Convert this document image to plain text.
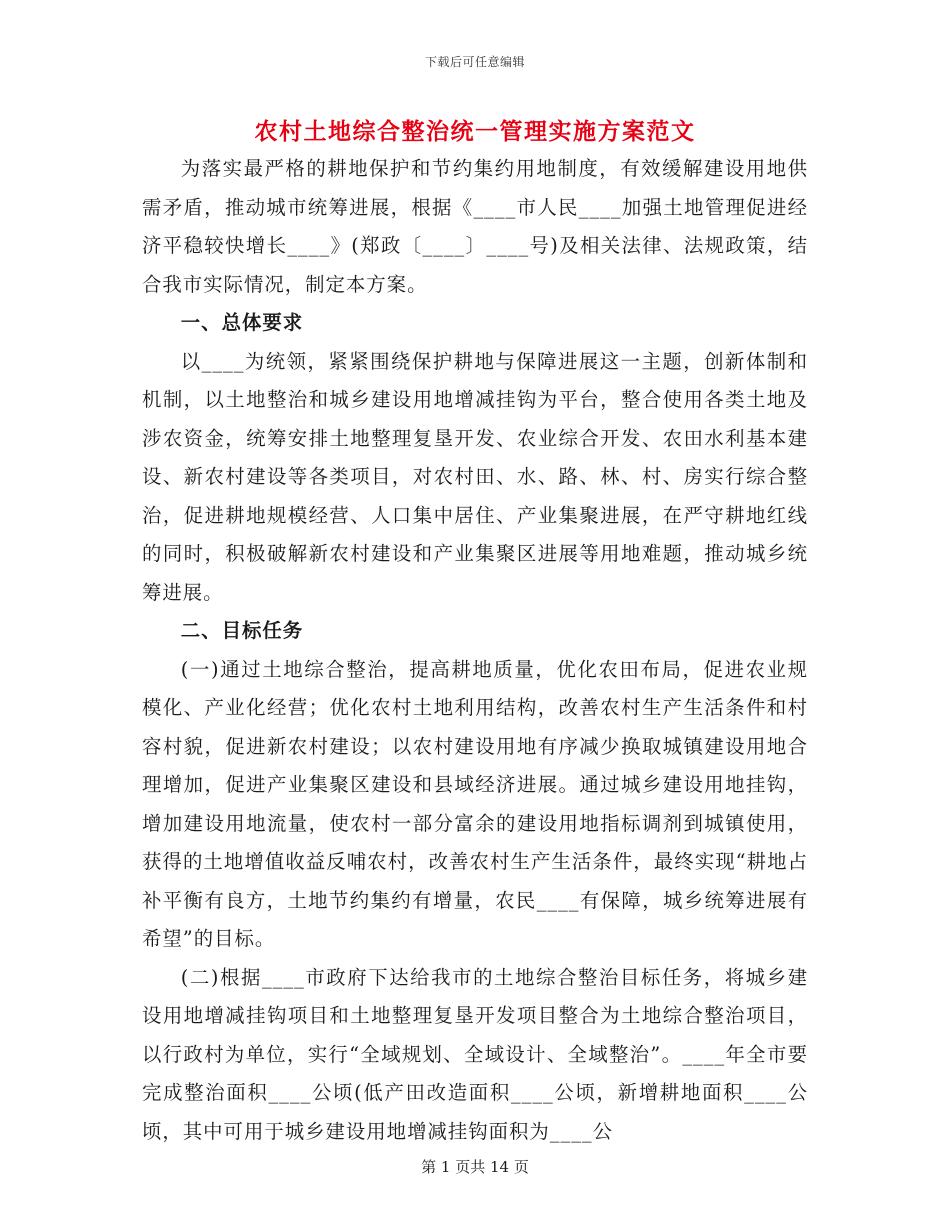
下载后可任意编辑
农村土地综合整治统一管理实施方案范文

为落实最严格的耕地保护和节约集约用地制度，有效缓解建设用地供需矛盾，推动城市统筹进展，根据《____市人民____加强土地管理促进经济平稳较快增长____》(郑政〔____〕____号)及相关法律、法规政策，结合我市实际情况，制定本方案。

一、总体要求

以____为统领，紧紧围绕保护耕地与保障进展这一主题，创新体制和机制，以土地整治和城乡建设用地增减挂钩为平台，整合使用各类土地及涉农资金，统筹安排土地整理复垦开发、农业综合开发、农田水利基本建设、新农村建设等各类项目，对农村田、水、路、林、村、房实行综合整治，促进耕地规模经营、人口集中居住、产业集聚进展，在严守耕地红线的同时，积极破解新农村建设和产业集聚区进展等用地难题，推动城乡统筹进展。

二、目标任务

(一)通过土地综合整治，提高耕地质量，优化农田布局，促进农业规模化、产业化经营；优化农村土地利用结构，改善农村生产生活条件和村容村貌，促进新农村建设；以农村建设用地有序减少换取城镇建设用地合理增加，促进产业集聚区建设和县域经济进展。通过城乡建设用地挂钩，增加建设用地流量，使农村一部分富余的建设用地指标调剂到城镇使用，获得的土地增值收益反哺农村，改善农村生产生活条件，最终实现“耕地占补平衡有良方，土地节约集约有增量，农民____有保障，城乡统筹进展有希望”的目标。

(二)根据____市政府下达给我市的土地综合整治目标任务，将城乡建设用地增减挂钩项目和土地整理复垦开发项目整合为土地综合整治项目，以行政村为单位，实行“全域规划、全域设计、全域整治”。____年全市要完成整治面积____公顷(低产田改造面积____公顷，新增耕地面积____公顷，其中可用于城乡建设用地增减挂钩面积为____公

第 1 页共 14 页
